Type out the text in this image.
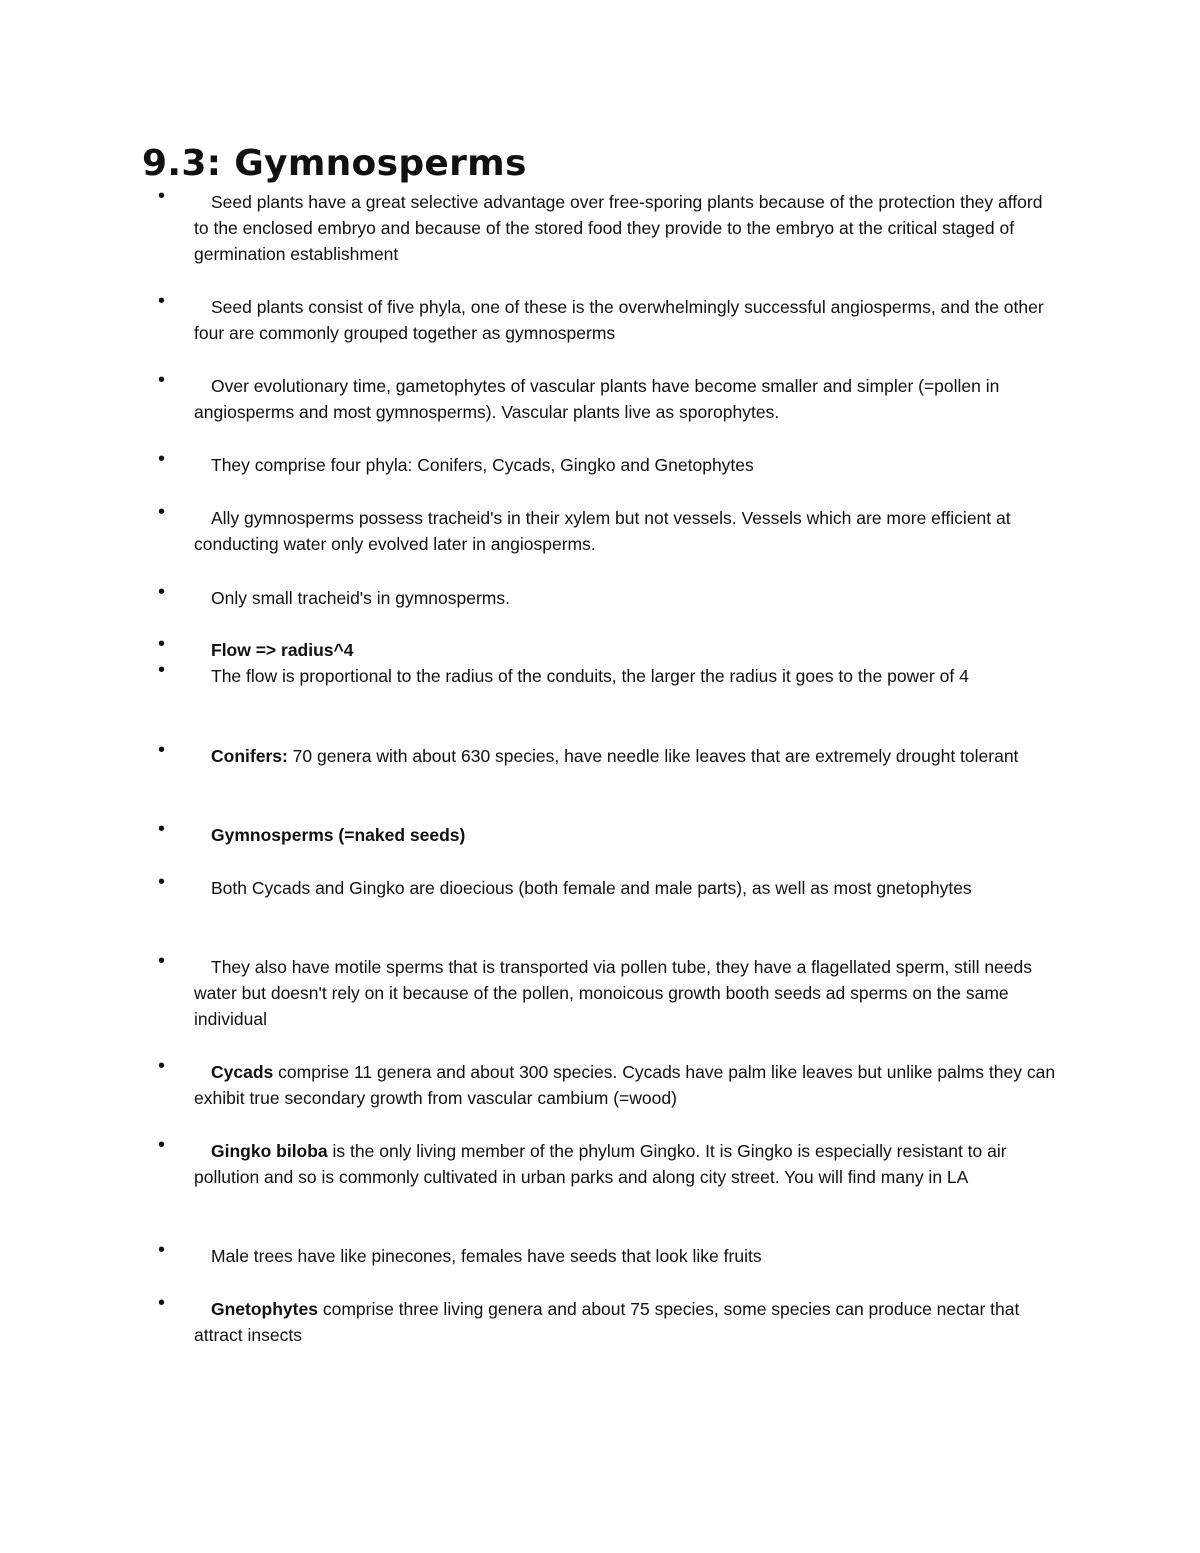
9.3: Gymnosperms
•	Seed plants have a great selective advantage over free-sporing plants because of the protection they afford to the enclosed embryo and because of the stored food they provide to the embryo at the critical staged of germination establishment
•	Seed plants consist of five phyla, one of these is the overwhelmingly successful angiosperms, and the other four are commonly grouped together as gymnosperms
•	Over evolutionary time, gametophytes of vascular plants have become smaller and simpler (=pollen in angiosperms and most gymnosperms). Vascular plants live as sporophytes.
•	They comprise four phyla: Conifers, Cycads, Gingko and Gnetophytes
•	Ally gymnosperms possess tracheid's in their xylem but not vessels. Vessels which are more efficient at conducting water only evolved later in angiosperms.
•	Only small tracheid's in gymnosperms.
•	Flow => radius^4
•	The flow is proportional to the radius of the conduits, the larger the radius it goes to the power of 4
•	Conifers: 70 genera with about 630 species, have needle like leaves that are extremely drought tolerant
•	Gymnosperms (=naked seeds)
•	Both Cycads and Gingko are dioecious (both female and male parts), as well as most gnetophytes
•	They also have motile sperms that is transported via pollen tube, they have a flagellated sperm, still needs water but doesn't rely on it because of the pollen, monoicous growth booth seeds ad sperms on the same individual
•	Cycads comprise 11 genera and about 300 species. Cycads have palm like leaves but unlike palms they can exhibit true secondary growth from vascular cambium (=wood)
•	Gingko biloba is the only living member of the phylum Gingko. It is Gingko is especially resistant to air pollution and so is commonly cultivated in urban parks and along city street. You will find many in LA
•	Male trees have like pinecones, females have seeds that look like fruits
•	Gnetophytes comprise three living genera and about 75 species, some species can produce nectar that attract insects
